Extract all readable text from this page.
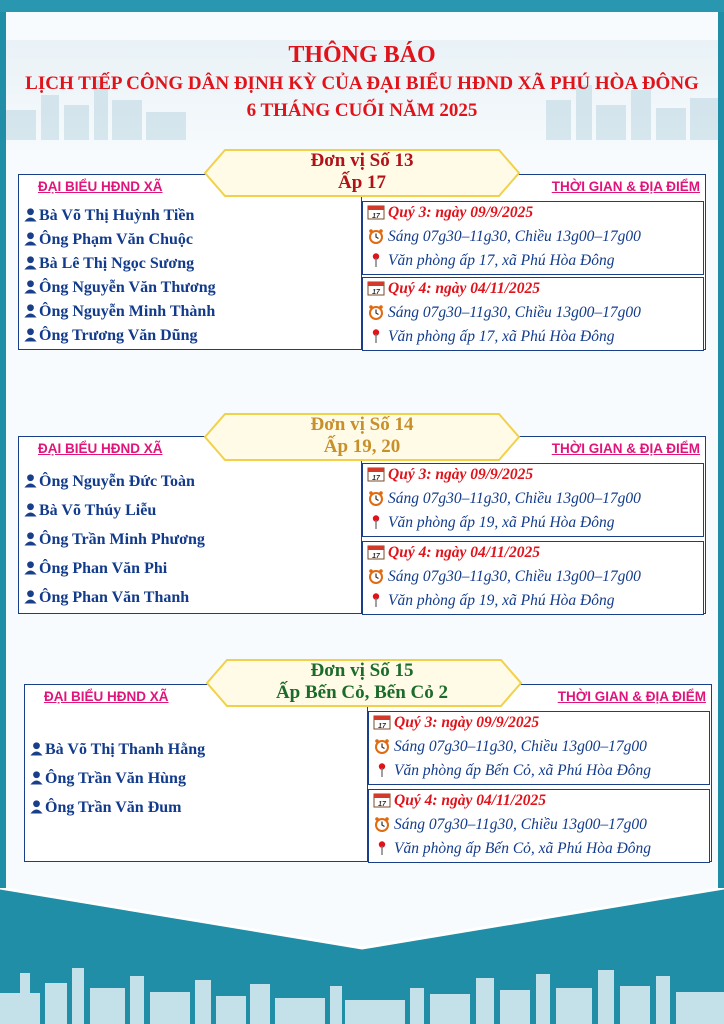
THÔNG BÁO
LỊCH TIẾP CÔNG DÂN ĐỊNH KỲ CỦA ĐẠI BIỂU HĐND XÃ PHÚ HÒA ĐÔNG
6 THÁNG CUỐI NĂM 2025
ĐẠI BIỂU HĐND XÃ	THỜI GIAN & ĐỊA ĐIỂM
Bà Võ Thị Huỳnh Tiền
Ông Phạm Văn Chuộc
Bà Lê Thị Ngọc Sương
Ông Nguyễn Văn Thương
Ông Nguyễn Minh Thành
Ông Trương Văn Dũng
17 Quý 3: ngày 09/9/2025
Sáng 07g30–11g30, Chiều 13g00–17g00
Văn phòng ấp 17, xã Phú Hòa Đông
17 Quý 4: ngày 04/11/2025
Sáng 07g30–11g30, Chiều 13g00–17g00
Văn phòng ấp 17, xã Phú Hòa Đông
Đơn vị Số 13
Ấp 17
ĐẠI BIỂU HĐND XÃ	THỜI GIAN & ĐỊA ĐIỂM
Ông Nguyễn Đức Toàn
Bà Võ Thúy Liễu
Ông Trần Minh Phương
Ông Phan Văn Phi
Ông Phan Văn Thanh
17 Quý 3: ngày 09/9/2025
Sáng 07g30–11g30, Chiều 13g00–17g00
Văn phòng ấp 19, xã Phú Hòa Đông
17 Quý 4: ngày 04/11/2025
Sáng 07g30–11g30, Chiều 13g00–17g00
Văn phòng ấp 19, xã Phú Hòa Đông
Đơn vị Số 14
Ấp 19, 20
ĐẠI BIỂU HĐND XÃ	THỜI GIAN & ĐỊA ĐIỂM
Bà Võ Thị Thanh Hằng
Ông Trần Văn Hùng
Ông Trần Văn Đum
17 Quý 3: ngày 09/9/2025
Sáng 07g30–11g30, Chiều 13g00–17g00
Văn phòng ấp Bến Cỏ, xã Phú Hòa Đông
17 Quý 4: ngày 04/11/2025
Sáng 07g30–11g30, Chiều 13g00–17g00
Văn phòng ấp Bến Cỏ, xã Phú Hòa Đông
Đơn vị Số 15
Ấp Bến Cỏ, Bến Cỏ 2
